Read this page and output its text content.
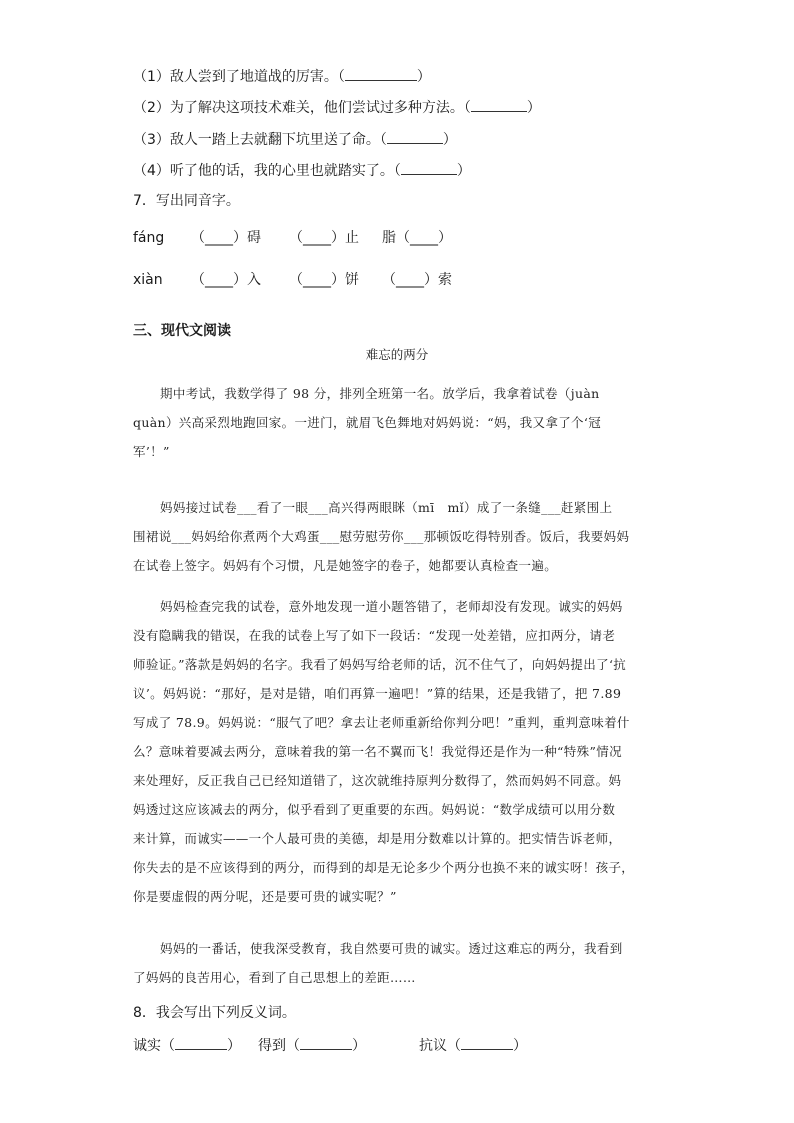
（1）敌人尝到了地道战的厉害。（	）
（2）为了解决这项技术难关，他们尝试过多种方法。（	）
（3）敌人一踏上去就翻下坑里送了命。（	）
（4）听了他的话，我的心里也就踏实了。（	）
7．写出同音字。
fáng （____）碍 （____）止 脂（____）
xiàn （____）入 （____）饼 （____）索
三、现代文阅读
难忘的两分
期中考试，我数学得了 98 分，排列全班第一名。放学后，我拿着试卷（juàn
quàn）兴高采烈地跑回家。一进门，就眉飞色舞地对妈妈说：“妈，我又拿了个‘冠
军’！”
妈妈接过试卷___看了一眼___高兴得两眼眯（mī　mǐ）成了一条缝___赶紧围上
围裙说___妈妈给你煮两个大鸡蛋___慰劳慰劳你___那顿饭吃得特别香。饭后，我要妈妈
在试卷上签字。妈妈有个习惯，凡是她签字的卷子，她都要认真检查一遍。
妈妈检查完我的试卷，意外地发现一道小题答错了，老师却没有发现。诚实的妈妈
没有隐瞒我的错误，在我的试卷上写了如下一段话：“发现一处差错，应扣两分，请老
师验证。”落款是妈妈的名字。我看了妈妈写给老师的话，沉不住气了，向妈妈提出了‘抗
议’。妈妈说：“那好，是对是错，咱们再算一遍吧！”算的结果，还是我错了，把 7.89
写成了 78.9。妈妈说：“服气了吧？拿去让老师重新给你判分吧！”重判，重判意味着什
么？意味着要减去两分，意味着我的第一名不翼而飞！我觉得还是作为一种“特殊”情况
来处理好，反正我自己已经知道错了，这次就维持原判分数得了，然而妈妈不同意。妈
妈透过这应该减去的两分，似乎看到了更重要的东西。妈妈说：“数学成绩可以用分数
来计算，而诚实——一个人最可贵的美德，却是用分数难以计算的。把实情告诉老师，
你失去的是不应该得到的两分，而得到的却是无论多少个两分也换不来的诚实呀！孩子，
你是要虚假的两分呢，还是要可贵的诚实呢？”
妈妈的一番话，使我深受教育，我自然要可贵的诚实。透过这难忘的两分，我看到
了妈妈的良苦用心，看到了自己思想上的差距……
8．我会写出下列反义词。
诚实（	） 得到（	）	抗议（	）
